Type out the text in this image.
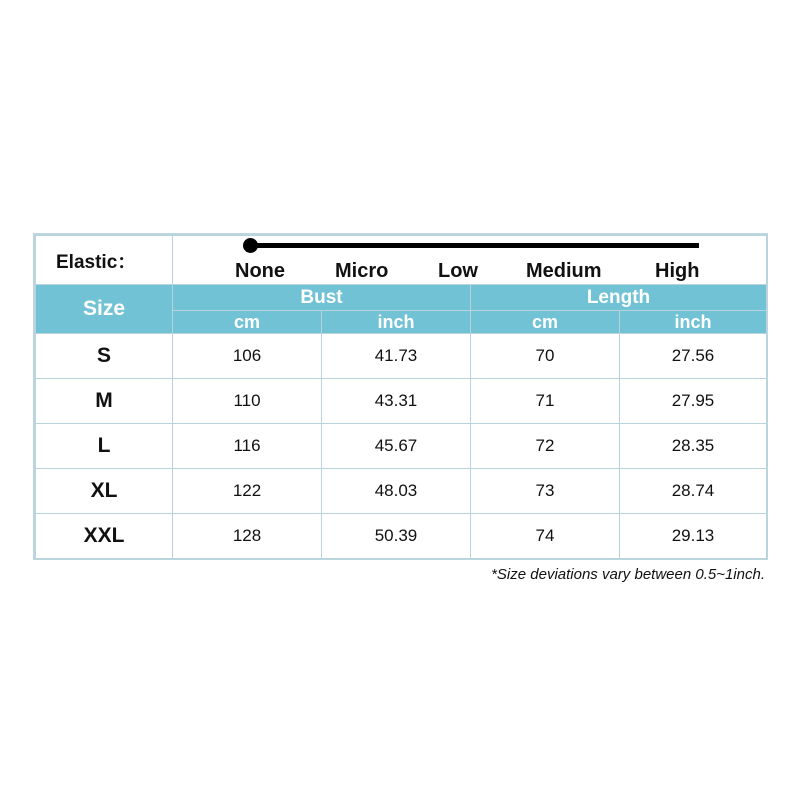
Elastic：	None Micro Low Medium High			

Size	Bust		Length	
	cm	inch	cm	inch
S	106	41.73	70	27.56
M	110	43.31	71	27.95
L	116	45.67	72	28.35
XL	122	48.03	73	28.74
XXL	128	50.39	74	29.13
*Size deviations vary between 0.5~1inch.
